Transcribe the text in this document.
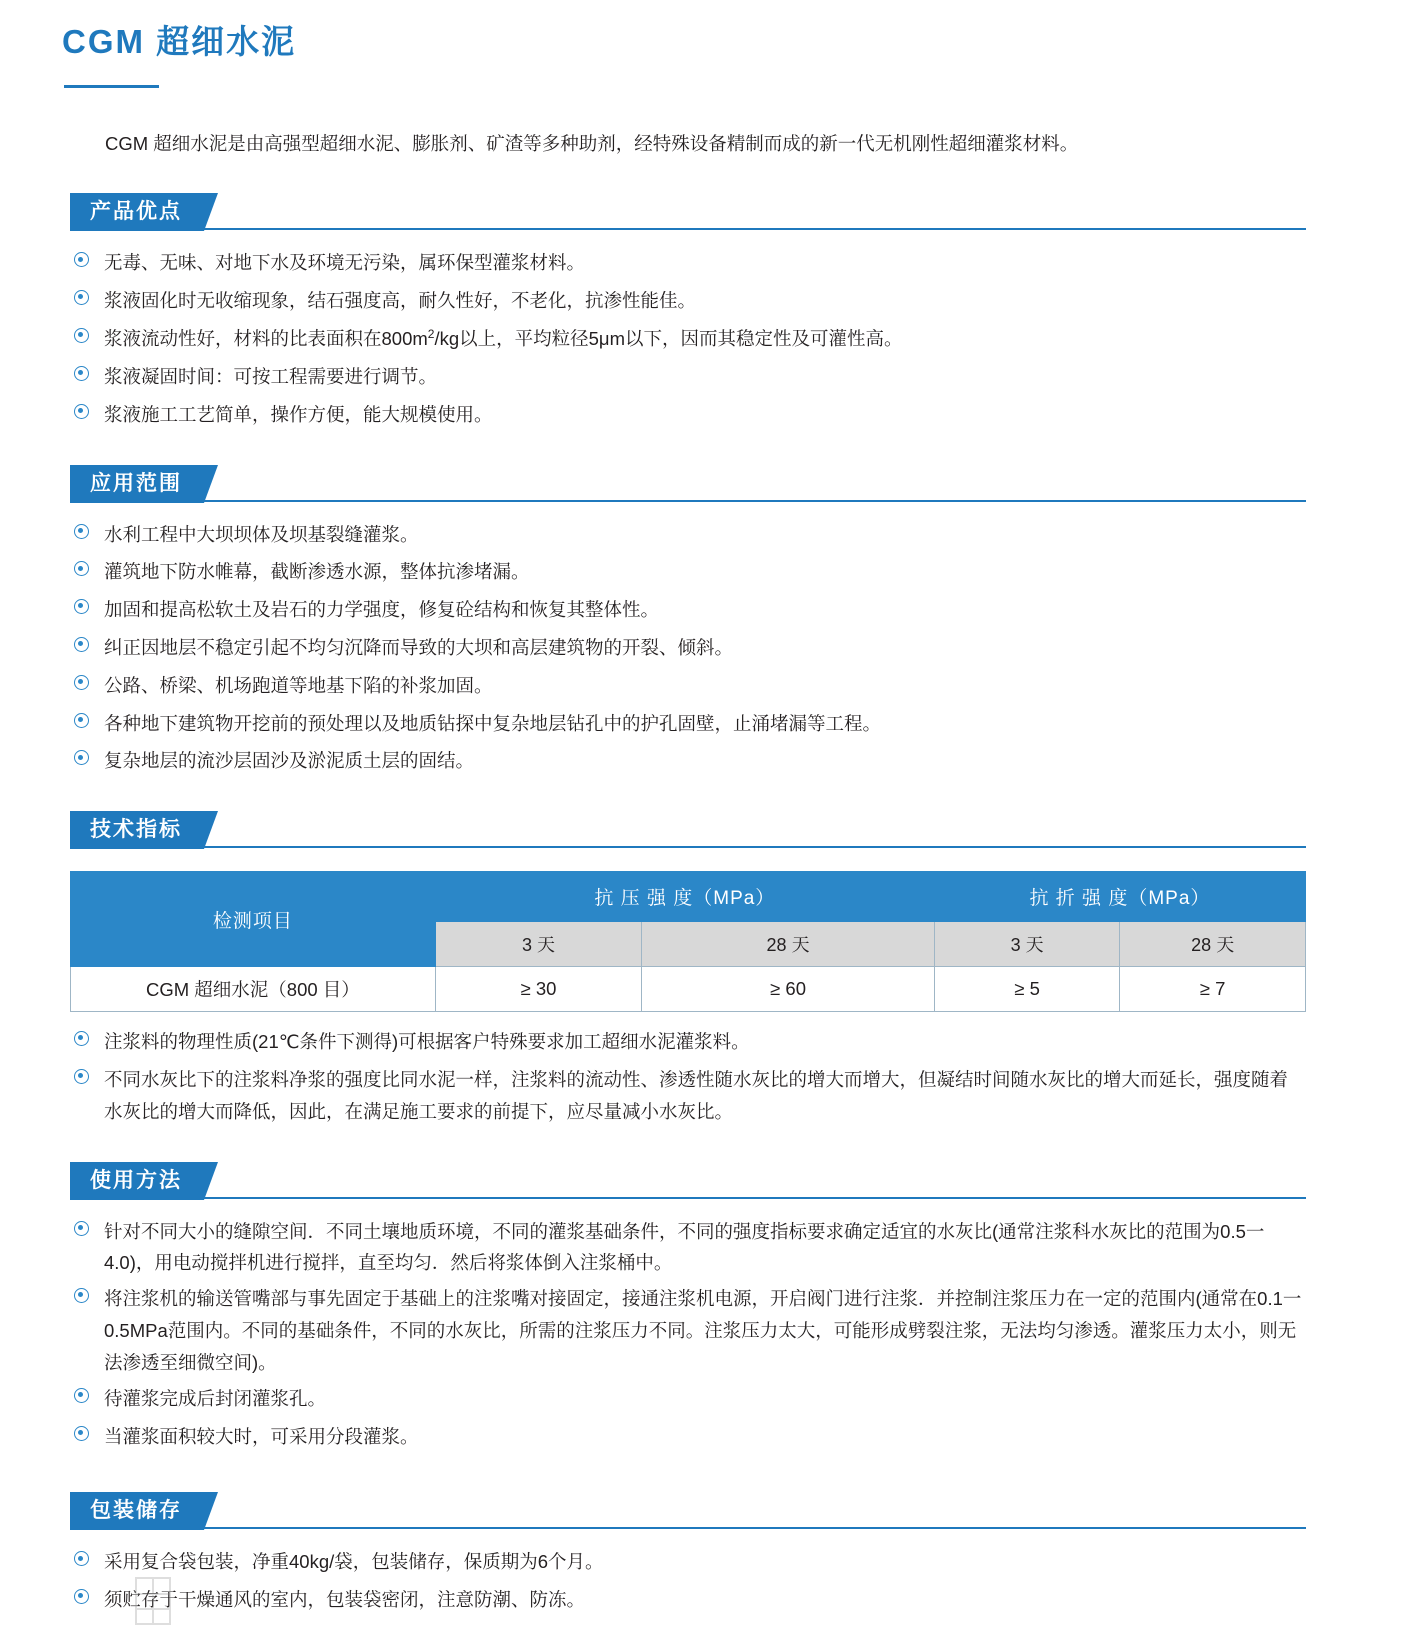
CGM 超细水泥
CGM 超细水泥是由高强型超细水泥、膨胀剂、矿渣等多种助剂，经特殊设备精制而成的新一代无机刚性超细灌浆材料。
产品优点
无毒、无味、对地下水及环境无污染，属环保型灌浆材料。
浆液固化时无收缩现象，结石强度高，耐久性好，不老化，抗渗性能佳。
浆液流动性好，材料的比表面积在$800m^2/kg$以上，平均粒径5μm以下，因而其稳定性及可灌性高。
浆液凝固时间：可按工程需要进行调节。
浆液施工工艺简单，操作方便，能大规模使用。
应用范围
水利工程中大坝坝体及坝基裂缝灌浆。
灌筑地下防水帷幕，截断渗透水源，整体抗渗堵漏。
加固和提高松软土及岩石的力学强度，修复砼结构和恢复其整体性。
纠正因地层不稳定引起不均匀沉降而导致的大坝和高层建筑物的开裂、倾斜。
公路、桥梁、机场跑道等地基下陷的补浆加固。
各种地下建筑物开挖前的预处理以及地质钻探中复杂地层钻孔中的护孔固壁，止涌堵漏等工程。
复杂地层的流沙层固沙及淤泥质土层的固结。
技术指标
检测项目	抗 压 强 度（MPa）		抗 折 强 度（MPa）	
	3 天	28 天	3 天	28 天
CGM 超细水泥（800 目）	≥ 30	≥ 60	≥ 5	≥ 7
注浆料的物理性质(21℃条件下测得)可根据客户特殊要求加工超细水泥灌浆料。
不同水灰比下的注浆料净浆的强度比同水泥一样，注浆料的流动性、渗透性随水灰比的增大而增大，但凝结时间随水灰比的增大而延长，强度随着水灰比的增大而降低，因此，在满足施工要求的前提下，应尽量减小水灰比。
使用方法
针对不同大小的缝隙空间．不同土壤地质环境，不同的灌浆基础条件，不同的强度指标要求确定适宜的水灰比(通常注浆科水灰比的范围为0.5一4.0)，用电动搅拌机进行搅拌，直至均匀．然后将浆体倒入注浆桶中。
将注浆机的输送管嘴部与事先固定于基础上的注浆嘴对接固定，接通注浆机电源，开启阀门进行注浆．并控制注浆压力在一定的范围内(通常在0.1一0.5MPa范围内。不同的基础条件，不同的水灰比，所需的注浆压力不同。注浆压力太大，可能形成劈裂注浆，无法均匀渗透。灌浆压力太小，则无法渗透至细微空间)。
待灌浆完成后封闭灌浆孔。
当灌浆面积较大时，可采用分段灌浆。
包装储存
采用复合袋包装，净重40kg/袋，包装储存，保质期为6个月。
须贮存于干燥通风的室内，包装袋密闭，注意防潮、防冻。
